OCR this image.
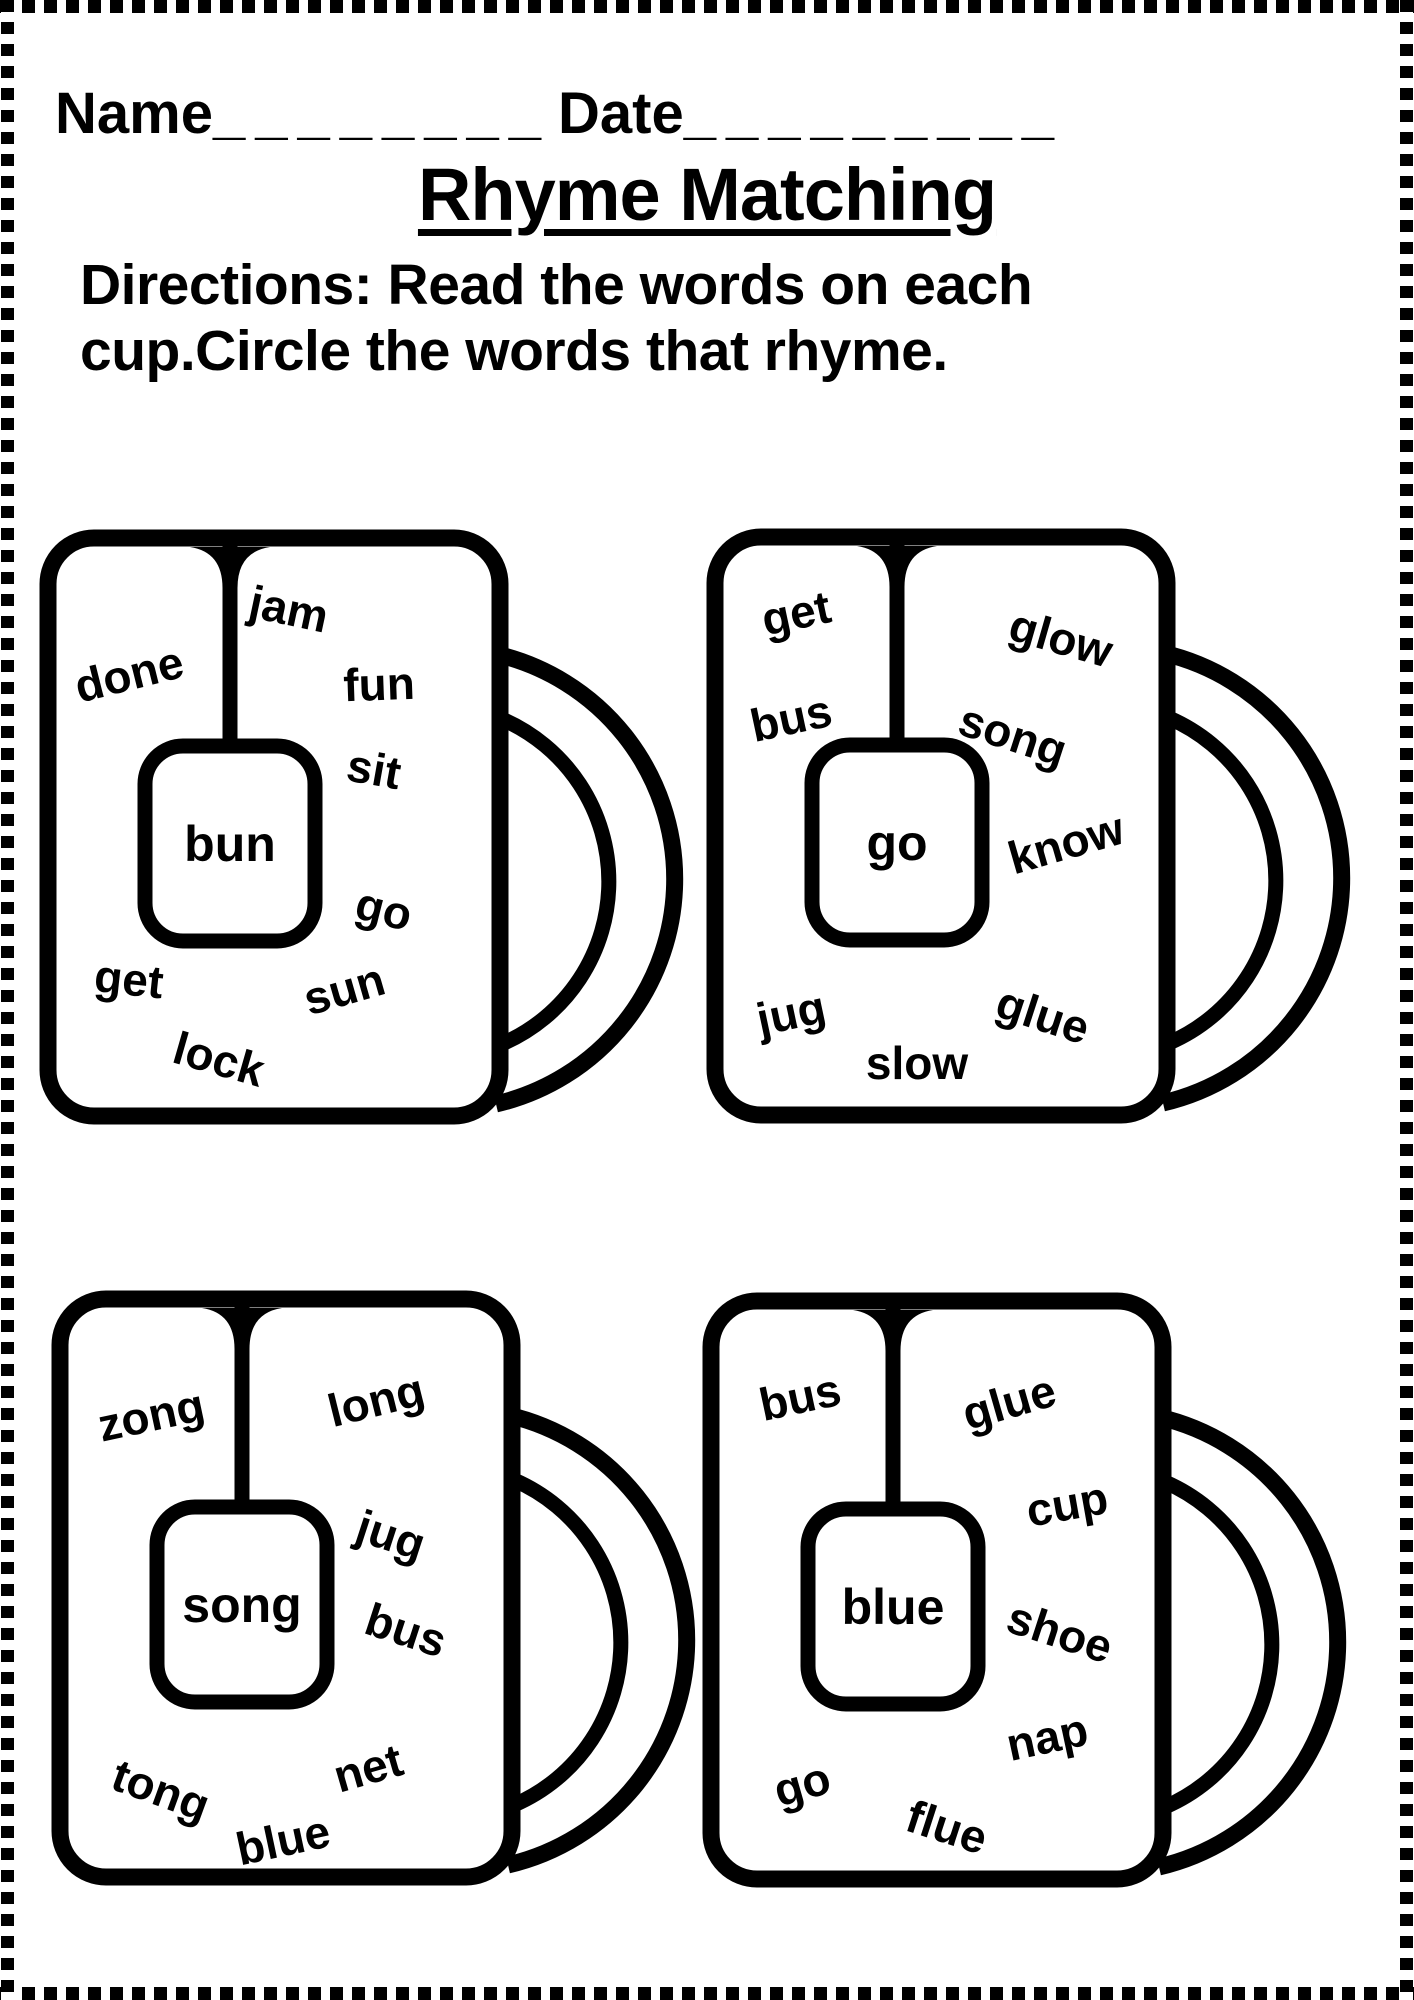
Name________ Date_________
Rhyme Matching
Directions: Read the words on each
cup.Circle the words that rhyme.
bun
done
jam
fun
sit
go
sun
get
lock
go
get	glow
bus	song
know
jug	glue
slow
song
zong long
jug
bus
tong net
blue
blue
bus glue
cup
shoe
nap
go
flue
